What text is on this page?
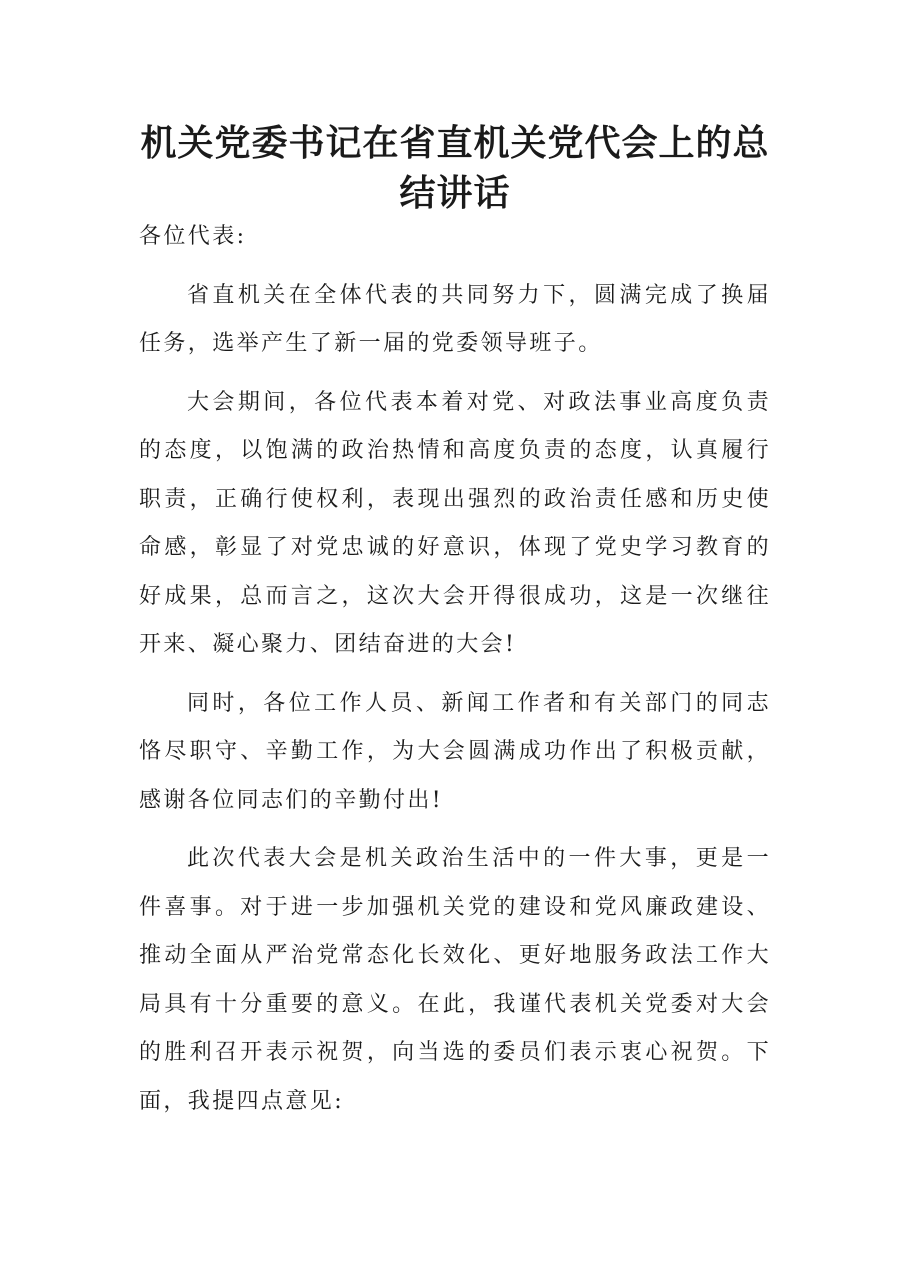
机关党委书记在省直机关党代会上的总结讲话

各位代表:

省直机关在全体代表的共同努力下，圆满完成了换届任务，选举产生了新一届的党委领导班子。

大会期间，各位代表本着对党、对政法事业高度负责的态度，以饱满的政治热情和高度负责的态度，认真履行职责，正确行使权利，表现出强烈的政治责任感和历史使命感，彰显了对党忠诚的好意识，体现了党史学习教育的好成果，总而言之，这次大会开得很成功，这是一次继往开来、凝心聚力、团结奋进的大会!

同时，各位工作人员、新闻工作者和有关部门的同志恪尽职守、辛勤工作，为大会圆满成功作出了积极贡献，感谢各位同志们的辛勤付出!

此次代表大会是机关政治生活中的一件大事，更是一件喜事。对于进一步加强机关党的建设和党风廉政建设、推动全面从严治党常态化长效化、更好地服务政法工作大局具有十分重要的意义。在此，我谨代表机关党委对大会的胜利召开表示祝贺，向当选的委员们表示衷心祝贺。下面，我提四点意见:
